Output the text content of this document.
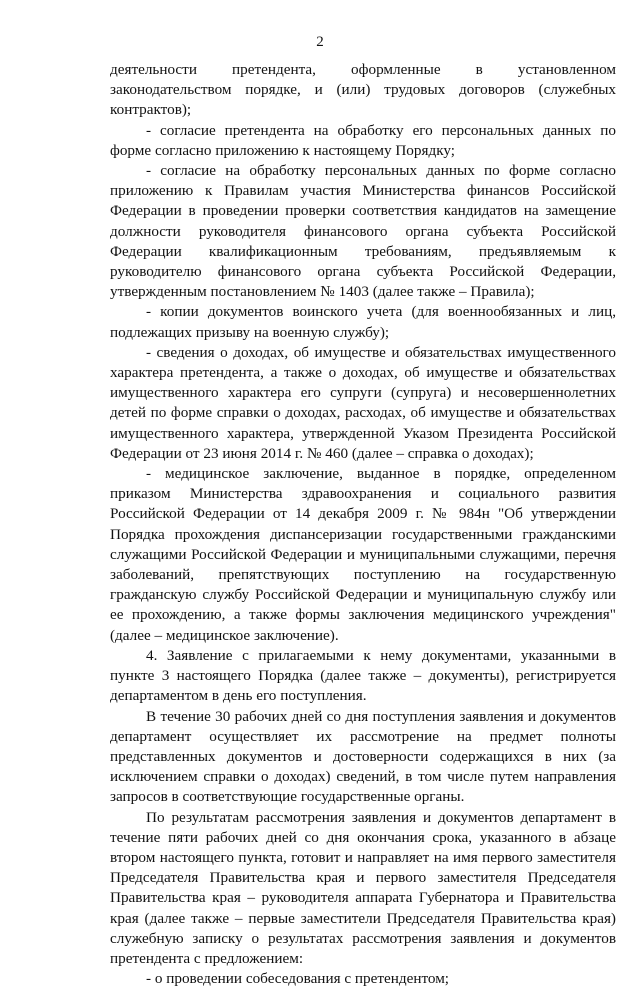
2

деятельности претендента, оформленные в установленном законодательством порядке, и (или) трудовых договоров (служебных контрактов);

- согласие претендента на обработку его персональных данных по форме согласно приложению к настоящему Порядку;

- согласие на обработку персональных данных по форме согласно приложению к Правилам участия Министерства финансов Российской Федерации в проведении проверки соответствия кандидатов на замещение должности руководителя финансового органа субъекта Российской Федерации квалификационным требованиям, предъявляемым к руководителю финансового органа субъекта Российской Федерации, утвержденным постановлением № 1403 (далее также – Правила);

- копии документов воинского учета (для военнообязанных и лиц, подлежащих призыву на военную службу);

- сведения о доходах, об имуществе и обязательствах имущественного характера претендента, а также о доходах, об имуществе и обязательствах имущественного характера его супруги (супруга) и несовершеннолетних детей по форме справки о доходах, расходах, об имуществе и обязательствах имущественного характера, утвержденной Указом Президента Российской Федерации от 23 июня 2014 г. № 460 (далее – справка о доходах);

- медицинское заключение, выданное в порядке, определенном приказом Министерства здравоохранения и социального развития Российской Федерации от 14 декабря 2009 г. № 984н "Об утверждении Порядка прохождения диспансеризации государственными гражданскими служащими Российской Федерации и муниципальными служащими, перечня заболеваний, препятствующих поступлению на государственную гражданскую службу Российской Федерации и муниципальную службу или ее прохождению, а также формы заключения медицинского учреждения" (далее – медицинское заключение).

4. Заявление с прилагаемыми к нему документами, указанными в пункте 3 настоящего Порядка (далее также – документы), регистрируется департаментом в день его поступления.

В течение 30 рабочих дней со дня поступления заявления и документов департамент осуществляет их рассмотрение на предмет полноты представленных документов и достоверности содержащихся в них (за исключением справки о доходах) сведений, в том числе путем направления запросов в соответствующие государственные органы.

По результатам рассмотрения заявления и документов департамент в течение пяти рабочих дней со дня окончания срока, указанного в абзаце втором настоящего пункта, готовит и направляет на имя первого заместителя Председателя Правительства края и первого заместителя Председателя Правительства края – руководителя аппарата Губернатора и Правительства края (далее также – первые заместители Председателя Правительства края) служебную записку о результатах рассмотрения заявления и документов претендента с предложением:

- о проведении собеседования с претендентом;
